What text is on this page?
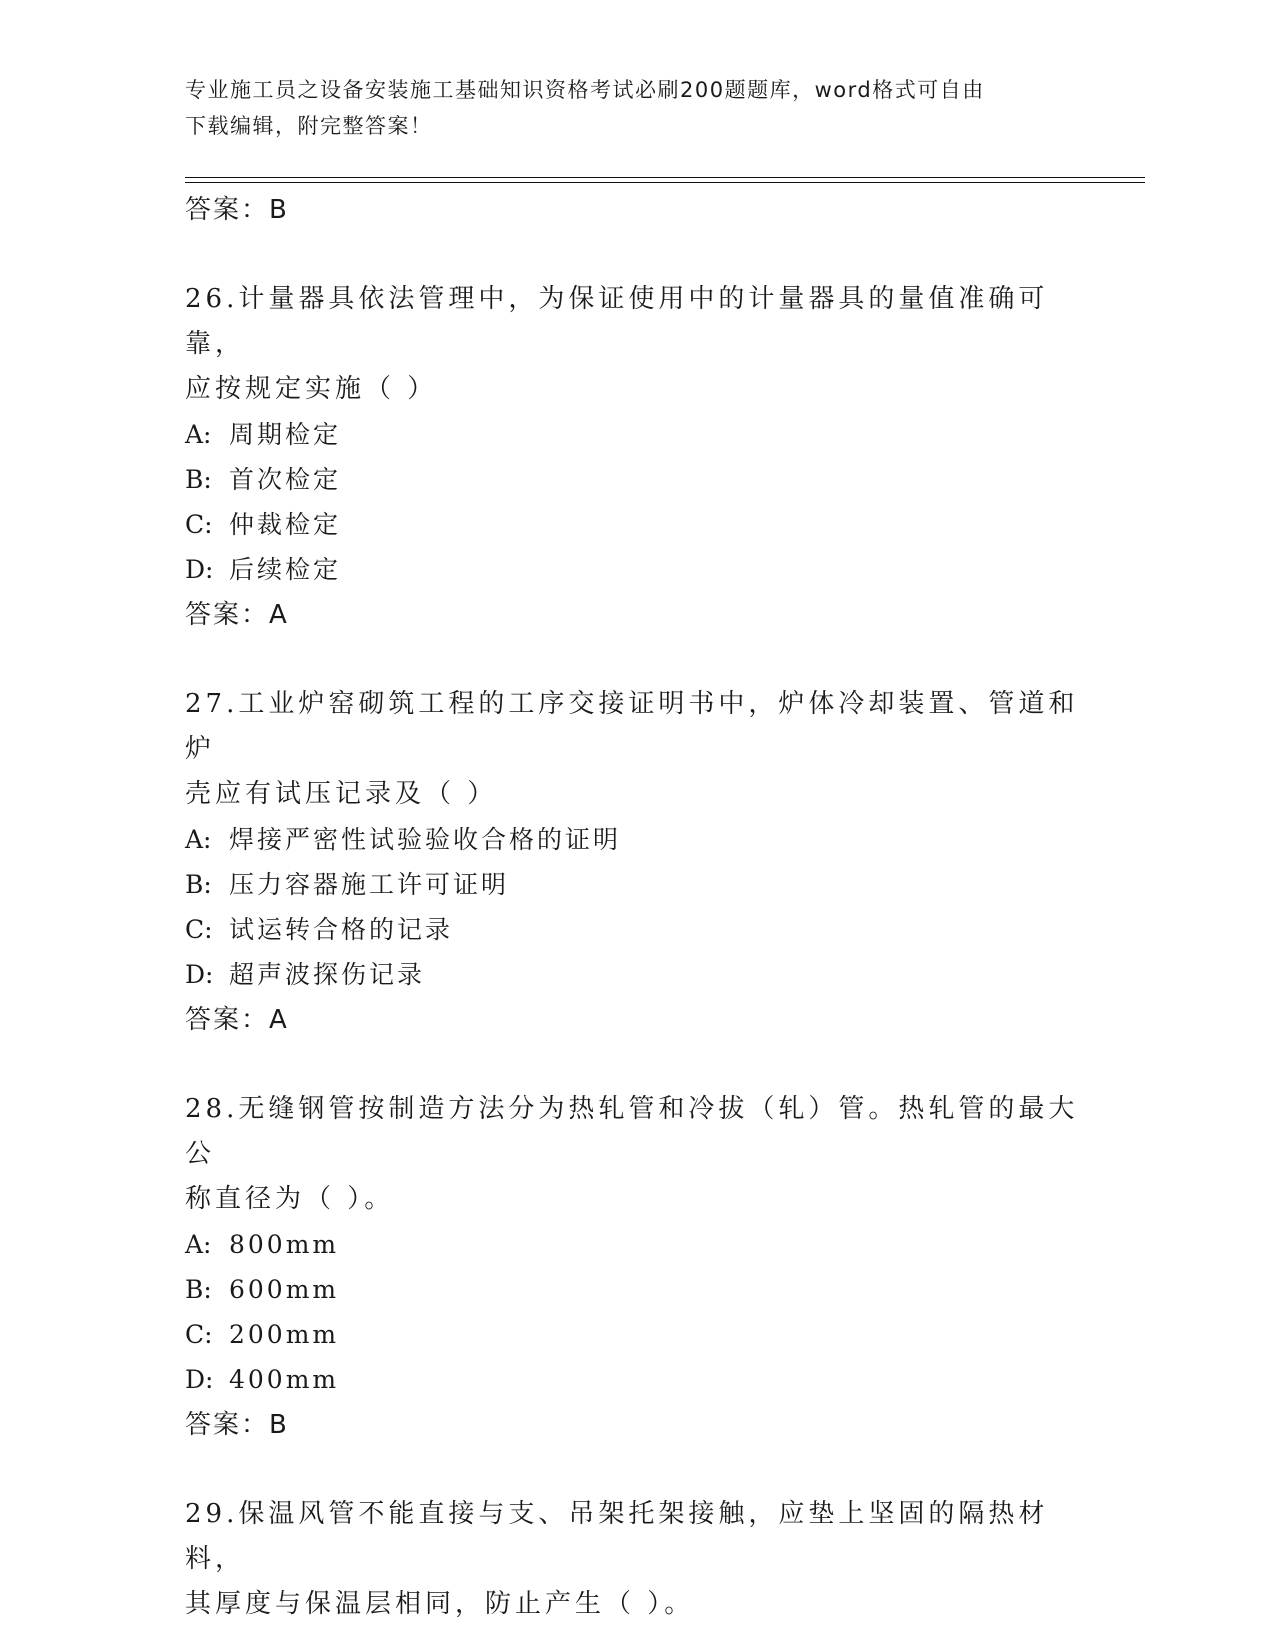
专业施工员之设备安装施工基础知识资格考试必刷200题题库，word格式可自由
下载编辑，附完整答案！
答案：B
26.计量器具依法管理中，为保证使用中的计量器具的量值准确可靠，
应按规定实施（ ）
A: 周期检定
B: 首次检定
C: 仲裁检定
D: 后续检定
答案：A
27.工业炉窑砌筑工程的工序交接证明书中，炉体冷却装置、管道和炉
壳应有试压记录及（ ）
A: 焊接严密性试验验收合格的证明
B: 压力容器施工许可证明
C: 试运转合格的记录
D: 超声波探伤记录
答案：A
28.无缝钢管按制造方法分为热轧管和冷拔（轧）管。热轧管的最大公
称直径为（ ）。
A: 800mm
B: 600mm
C: 200mm
D: 400mm
答案：B
29.保温风管不能直接与支、吊架托架接触，应垫上坚固的隔热材料，
其厚度与保温层相同，防止产生（ ）。
